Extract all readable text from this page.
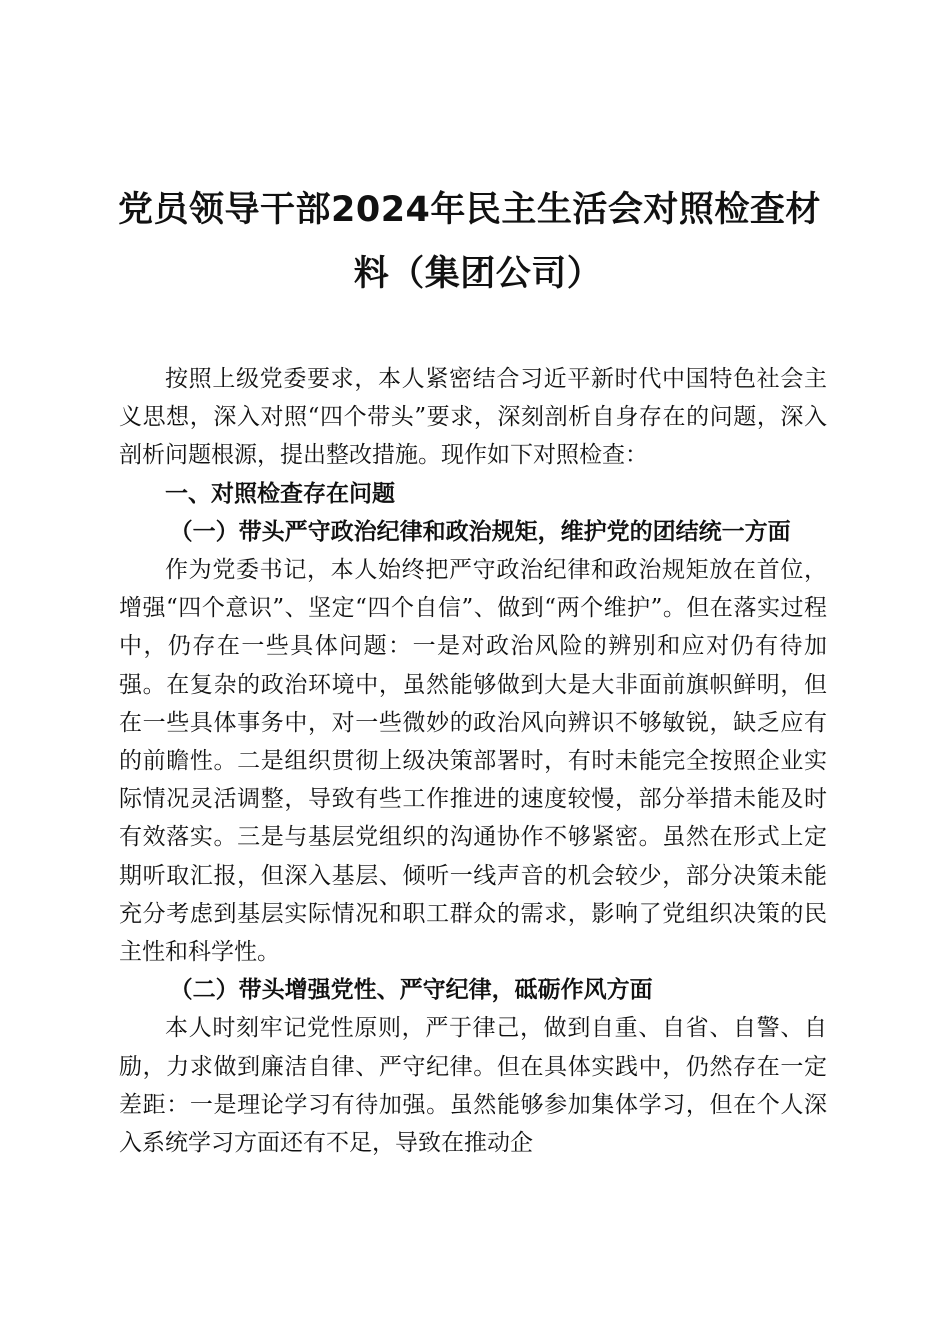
党员领导干部2024年民主生活会对照检查材
料（集团公司）

按照上级党委要求，本人紧密结合习近平新时代中国特色社会主义思想，深入对照“四个带头”要求，深刻剖析自身存在的问题，深入剖析问题根源，提出整改措施。现作如下对照检查：

一、对照检查存在问题

（一）带头严守政治纪律和政治规矩，维护党的团结统一方面

作为党委书记，本人始终把严守政治纪律和政治规矩放在首位，增强“四个意识”、坚定“四个自信”、做到“两个维护”。但在落实过程中，仍存在一些具体问题：一是对政治风险的辨别和应对仍有待加强。在复杂的政治环境中，虽然能够做到大是大非面前旗帜鲜明，但在一些具体事务中，对一些微妙的政治风向辨识不够敏锐，缺乏应有的前瞻性。二是组织贯彻上级决策部署时，有时未能完全按照企业实际情况灵活调整，导致有些工作推进的速度较慢，部分举措未能及时有效落实。三是与基层党组织的沟通协作不够紧密。虽然在形式上定期听取汇报，但深入基层、倾听一线声音的机会较少，部分决策未能充分考虑到基层实际情况和职工群众的需求，影响了党组织决策的民主性和科学性。

（二）带头增强党性、严守纪律，砥砺作风方面

本人时刻牢记党性原则，严于律己，做到自重、自省、自警、自励，力求做到廉洁自律、严守纪律。但在具体实践中，仍然存在一定差距：一是理论学习有待加强。虽然能够参加集体学习，但在个人深入系统学习方面还有不足，导致在推动企
